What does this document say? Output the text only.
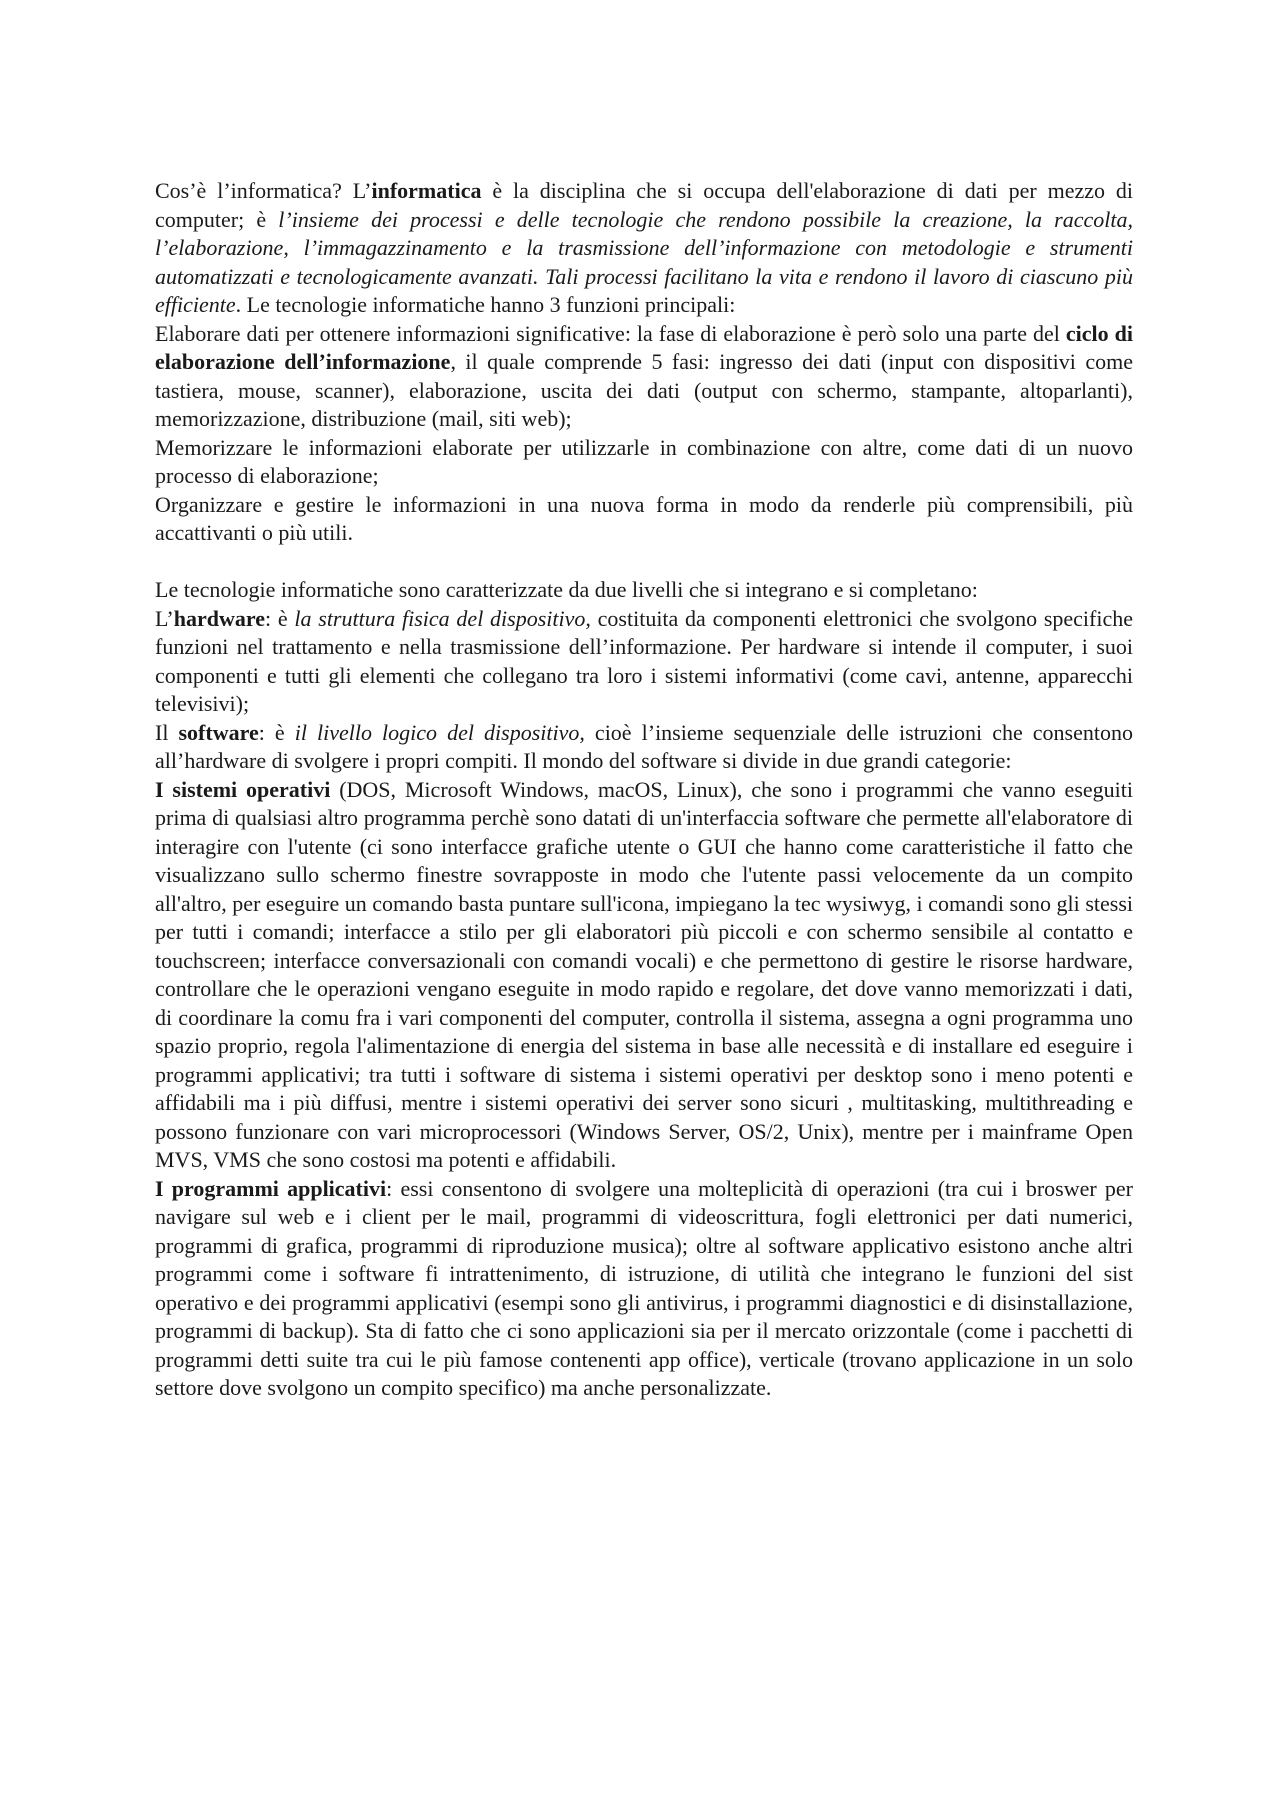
Cos’è l’informatica? L’informatica è la disciplina che si occupa dell'elaborazione di dati per mezzo di computer; è l’insieme dei processi e delle tecnologie che rendono possibile la creazione, la raccolta, l’elaborazione, l’immagazzinamento e la trasmissione dell’informazione con metodologie e strumenti automatizzati e tecnologicamente avanzati. Tali processi facilitano la vita e rendono il lavoro di ciascuno più efficiente. Le tecnologie informatiche hanno 3 funzioni principali:

Elaborare dati per ottenere informazioni significative: la fase di elaborazione è però solo una parte del ciclo di elaborazione dell’informazione, il quale comprende 5 fasi: ingresso dei dati (input con dispositivi come tastiera, mouse, scanner), elaborazione, uscita dei dati (output con schermo, stampante, altoparlanti), memorizzazione, distribuzione (mail, siti web);

Memorizzare le informazioni elaborate per utilizzarle in combinazione con altre, come dati di un nuovo processo di elaborazione;

Organizzare e gestire le informazioni in una nuova forma in modo da renderle più comprensibili, più accattivanti o più utili.

Le tecnologie informatiche sono caratterizzate da due livelli che si integrano e si completano:

L’hardware: è la struttura fisica del dispositivo, costituita da componenti elettronici che svolgono specifiche funzioni nel trattamento e nella trasmissione dell’informazione. Per hardware si intende il computer, i suoi componenti e tutti gli elementi che collegano tra loro i sistemi informativi (come cavi, antenne, apparecchi televisivi);

Il software: è il livello logico del dispositivo, cioè l’insieme sequenziale delle istruzioni che consentono all’hardware di svolgere i propri compiti. Il mondo del software si divide in due grandi categorie:

I sistemi operativi (DOS, Microsoft Windows, macOS, Linux), che sono i programmi che vanno eseguiti prima di qualsiasi altro programma perchè sono datati di un'interfaccia software che permette all'elaboratore di interagire con l'utente (ci sono interfacce grafiche utente o GUI che hanno come caratteristiche il fatto che visualizzano sullo schermo finestre sovrapposte in modo che l'utente passi velocemente da un compito all'altro, per eseguire un comando basta puntare sull'icona, impiegano la tec wysiwyg, i comandi sono gli stessi per tutti i comandi; interfacce a stilo per gli elaboratori più piccoli e con schermo sensibile al contatto e touchscreen; interfacce conversazionali con comandi vocali) e che permettono di gestire le risorse hardware, controllare che le operazioni vengano eseguite in modo rapido e regolare, det dove vanno memorizzati i dati, di coordinare la comu fra i vari componenti del computer, controlla il sistema, assegna a ogni programma uno spazio proprio, regola l'alimentazione di energia del sistema in base alle necessità e di installare ed eseguire i programmi applicativi; tra tutti i software di sistema i sistemi operativi per desktop sono i meno potenti e affidabili ma i più diffusi, mentre i sistemi operativi dei server sono sicuri , multitasking, multithreading e possono funzionare con vari microprocessori (Windows Server, OS/2, Unix), mentre per i mainframe Open MVS, VMS che sono costosi ma potenti e affidabili.

I programmi applicativi: essi consentono di svolgere una molteplicità di operazioni (tra cui i broswer per navigare sul web e i client per le mail, programmi di videoscrittura, fogli elettronici per dati numerici, programmi di grafica, programmi di riproduzione musica); oltre al software applicativo esistono anche altri programmi come i software fi intrattenimento, di istruzione, di utilità che integrano le funzioni del sist operativo e dei programmi applicativi (esempi sono gli antivirus, i programmi diagnostici e di disinstallazione, programmi di backup). Sta di fatto che ci sono applicazioni sia per il mercato orizzontale (come i pacchetti di programmi detti suite tra cui le più famose contenenti app office), verticale (trovano applicazione in un solo settore dove svolgono un compito specifico) ma anche personalizzate.
